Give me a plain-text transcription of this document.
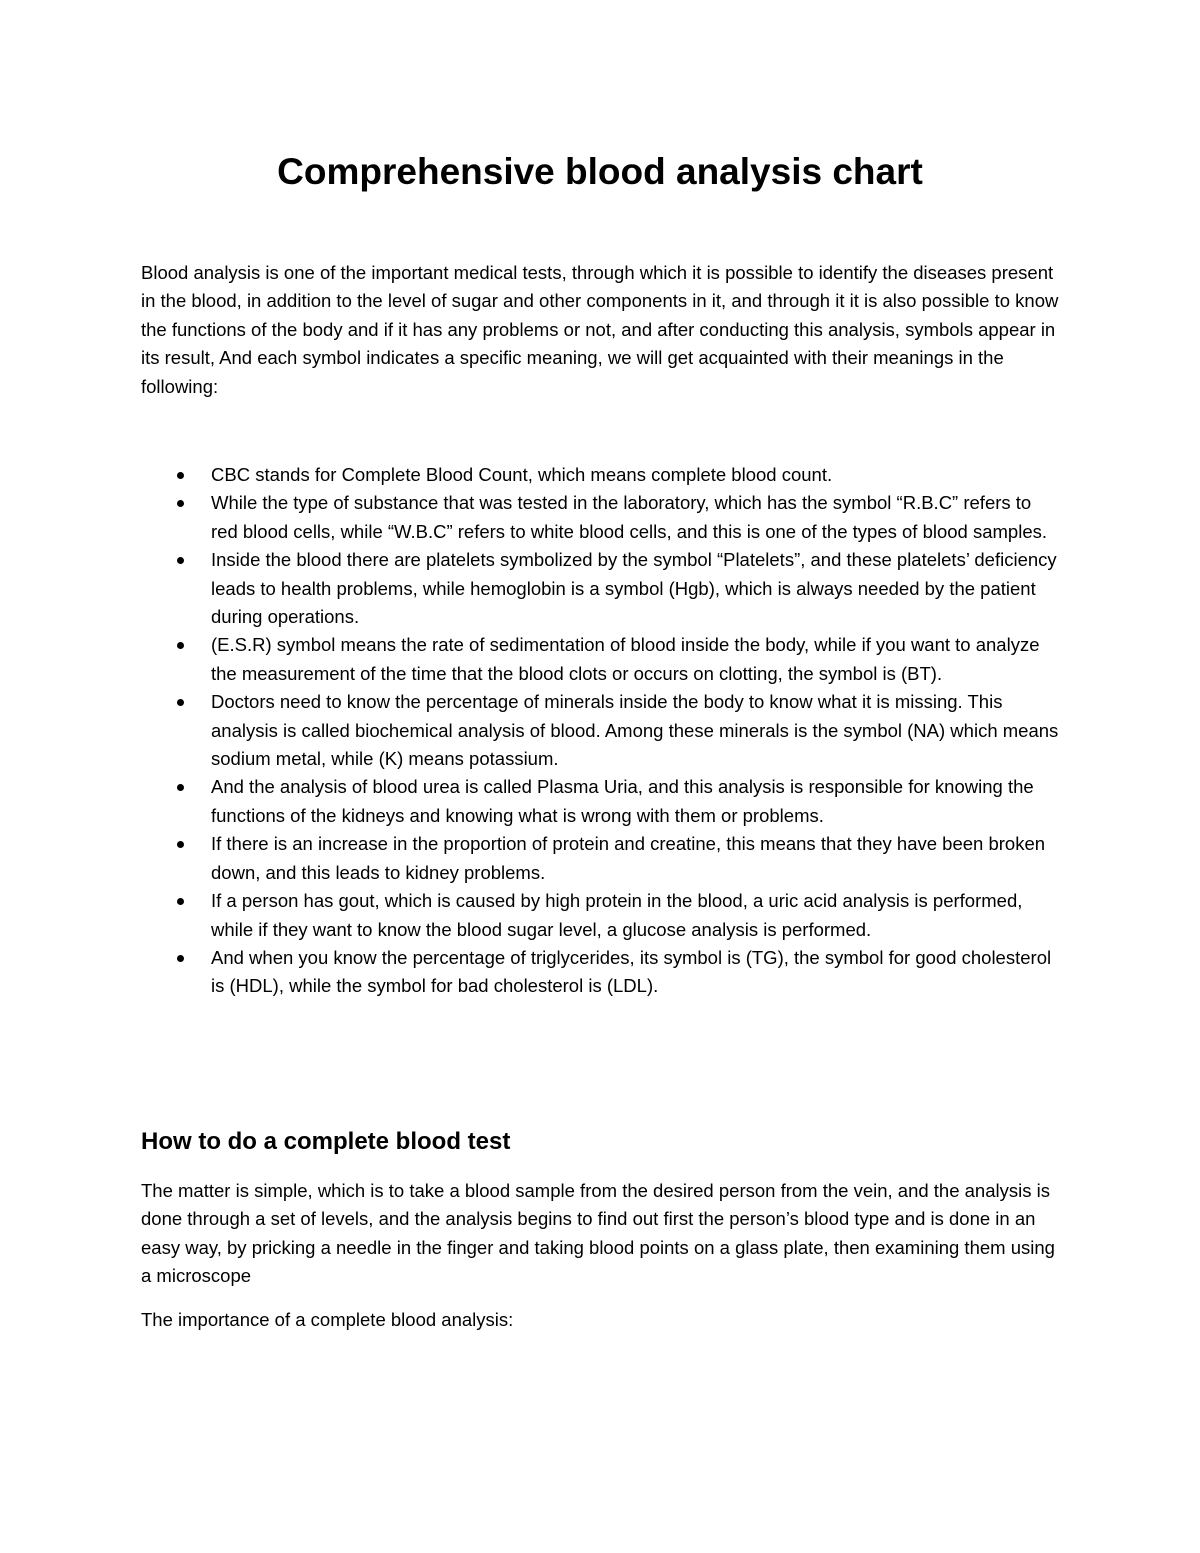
Comprehensive blood analysis chart

Blood analysis is one of the important medical tests, through which it is possible to identify the diseases present in the blood, in addition to the level of sugar and other components in it, and through it it is also possible to know the functions of the body and if it has any problems or not, and after conducting this analysis, symbols appear in its result, And each symbol indicates a specific meaning, we will get acquainted with their meanings in the following:

CBC stands for Complete Blood Count, which means complete blood count.
While the type of substance that was tested in the laboratory, which has the symbol “R.B.C” refers to red blood cells, while “W.B.C” refers to white blood cells, and this is one of the types of blood samples.
Inside the blood there are platelets symbolized by the symbol “Platelets”, and these platelets’ deficiency leads to health problems, while hemoglobin is a symbol (Hgb), which is always needed by the patient during operations.
(E.S.R) symbol means the rate of sedimentation of blood inside the body, while if you want to analyze the measurement of the time that the blood clots or occurs on clotting, the symbol is (BT).
Doctors need to know the percentage of minerals inside the body to know what it is missing. This analysis is called biochemical analysis of blood. Among these minerals is the symbol (NA) which means sodium metal, while (K) means potassium.
And the analysis of blood urea is called Plasma Uria, and this analysis is responsible for knowing the functions of the kidneys and knowing what is wrong with them or problems.
If there is an increase in the proportion of protein and creatine, this means that they have been broken down, and this leads to kidney problems.
If a person has gout, which is caused by high protein in the blood, a uric acid analysis is performed, while if they want to know the blood sugar level, a glucose analysis is performed.
And when you know the percentage of triglycerides, its symbol is (TG), the symbol for good cholesterol is (HDL), while the symbol for bad cholesterol is (LDL).
How to do a complete blood test

The matter is simple, which is to take a blood sample from the desired person from the vein, and the analysis is done through a set of levels, and the analysis begins to find out first the person’s blood type and is done in an easy way, by pricking a needle in the finger and taking blood points on a glass plate, then examining them using a microscope

The importance of a complete blood analysis:
